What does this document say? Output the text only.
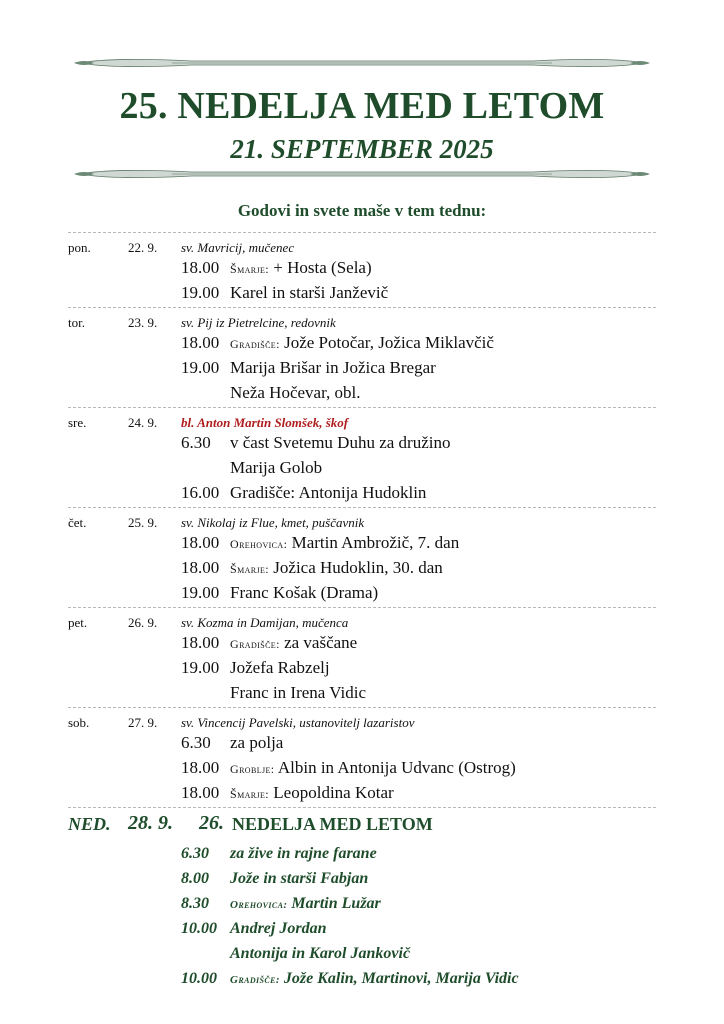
25. NEDELJA MED LETOM
21. SEPTEMBER 2025
Godovi in svete maše v tem tednu:
pon.	22. 9. sv. Mavricij, mučenec
18.00 Šmarje: + Hosta (Sela)
19.00 Karel in starši Janževič
tor.	23. 9. sv. Pij iz Pietrelcine, redovnik
18.00 Gradišče: Jože Potočar, Jožica Miklavčič
19.00 Marija Brišar in Jožica Bregar
Neža Hočevar, obl.
sre.	24. 9. bl. Anton Martin Slomšek, škof
6.30 v čast Svetemu Duhu za družino
Marija Golob
16.00 Gradišče: Antonija Hudoklin
čet.	25. 9. sv. Nikolaj iz Flue, kmet, puščavnik
18.00 Orehovica: Martin Ambrožič, 7. dan
18.00 Šmarje: Jožica Hudoklin, 30. dan
19.00 Franc Košak (Drama)
pet.	26. 9. sv. Kozma in Damijan, mučenca
18.00 Gradišče: za vaščane
19.00 Jožefa Rabzelj
Franc in Irena Vidic
sob.	27. 9. sv. Vincencij Pavelski, ustanovitelj lazaristov
6.30 za polja
18.00 Groblje: Albin in Antonija Udvanc (Ostrog)
18.00 Šmarje: Leopoldina Kotar
NED. 28. 9. 26. NEDELJA MED LETOM
6.30 za žive in rajne farane
8.00 Jože in starši Fabjan
8.30 Orehovica: Martin Lužar
10.00 Andrej Jordan
Antonija in Karol Jankovič
10.00 Gradišče: Jože Kalin, Martinovi, Marija Vidic
